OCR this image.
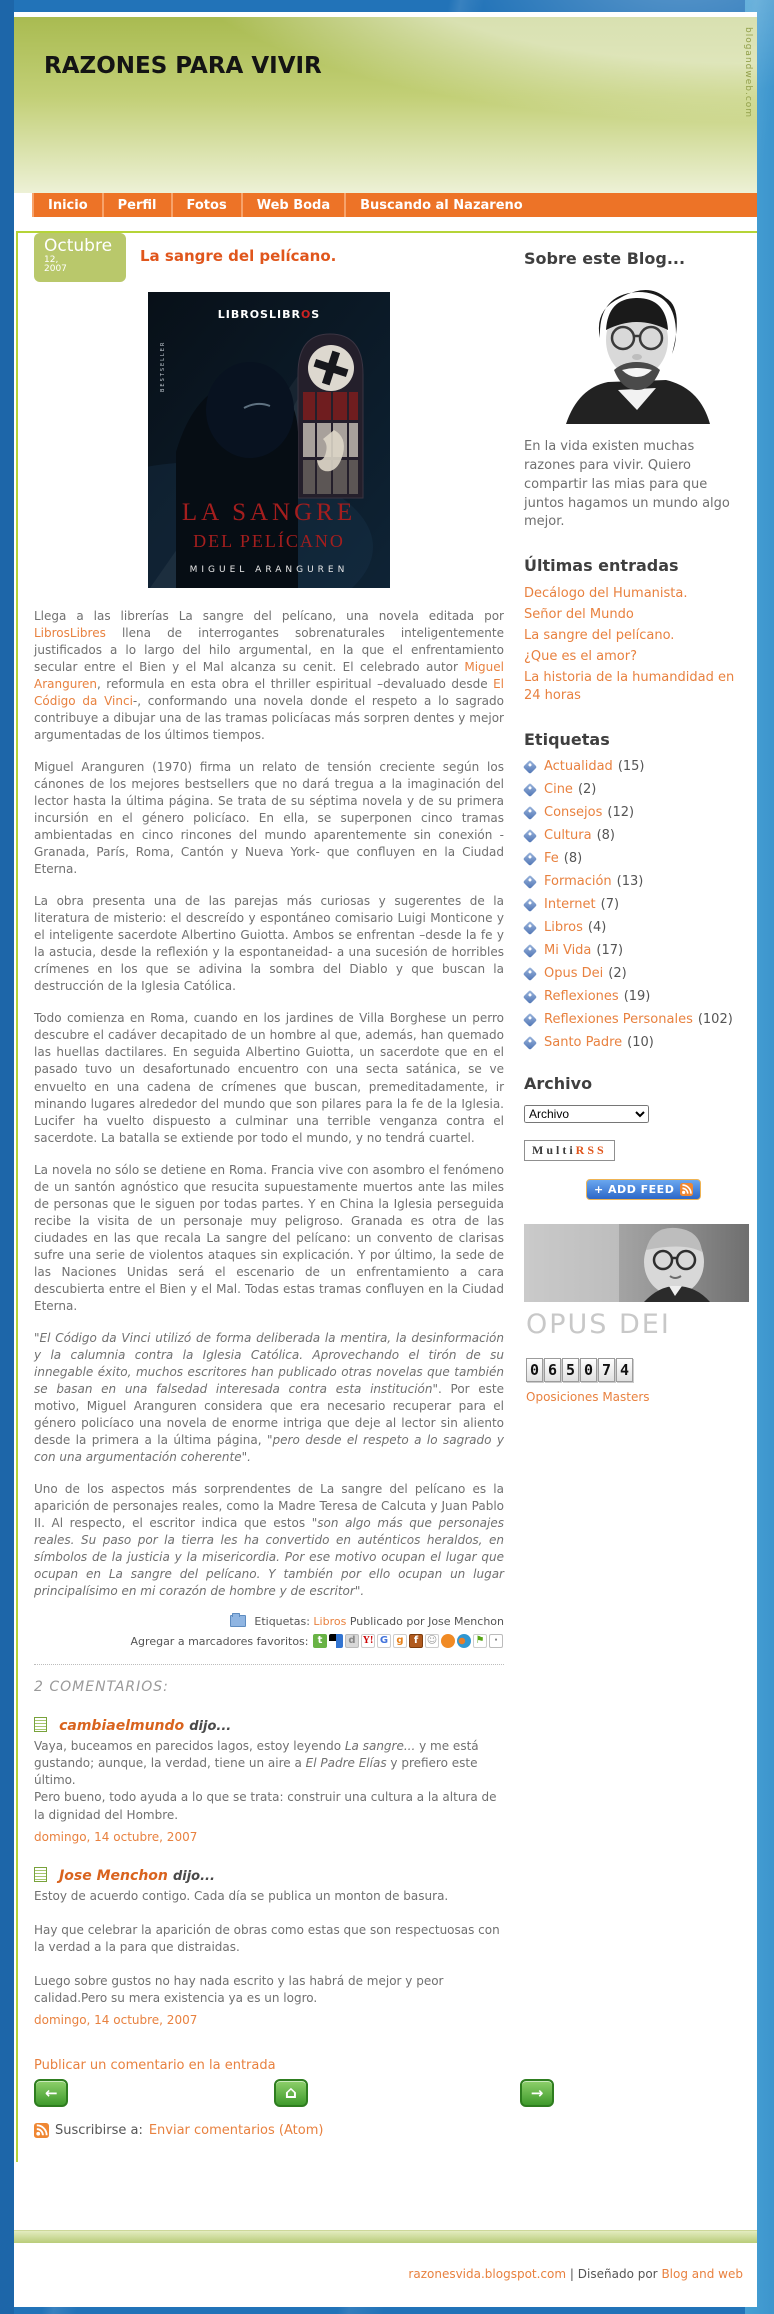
RAZONES PARA VIVIR	blogandweb.com
Inicio	Perfil	Fotos	Web Boda	Buscando al Nazareno
Octubre
12,
2007
La sangre del pelícano.
LIBROSLIBROS
BESTSELLER
LA SANGRE
DEL PELÍCANO
MIGUEL ARANGUREN

Llega a las librerías La sangre del pelícano, una novela editada por LibrosLibres llena de interrogantes sobrenaturales inteligentemente justificados a lo largo del hilo argumental, en la que el enfrentamiento secular entre el Bien y el Mal alcanza su cenit. El celebrado autor Miguel Aranguren, reformula en esta obra el thriller espiritual –devaluado desde El Código da Vinci-, conformando una novela donde el respeto a lo sagrado contribuye a dibujar una de las tramas policíacas más sorpren dentes y mejor argumentadas de los últimos tiempos.

Miguel Aranguren (1970) firma un relato de tensión creciente según los cánones de los mejores bestsellers que no dará tregua a la imaginación del lector hasta la última página. Se trata de su séptima novela y de su primera incursión en el género policíaco. En ella, se superponen cinco tramas ambientadas en cinco rincones del mundo aparentemente sin conexión -Granada, París, Roma, Cantón y Nueva York- que confluyen en la Ciudad Eterna.

La obra presenta una de las parejas más curiosas y sugerentes de la literatura de misterio: el descreído y espontáneo comisario Luigi Monticone y el inteligente sacerdote Albertino Guiotta. Ambos se enfrentan –desde la fe y la astucia, desde la reflexión y la espontaneidad- a una sucesión de horribles crímenes en los que se adivina la sombra del Diablo y que buscan la destrucción de la Iglesia Católica.

Todo comienza en Roma, cuando en los jardines de Villa Borghese un perro descubre el cadáver decapitado de un hombre al que, además, han quemado las huellas dactilares. En seguida Albertino Guiotta, un sacerdote que en el pasado tuvo un desafortunado encuentro con una secta satánica, se ve envuelto en una cadena de crímenes que buscan, premeditadamente, ir minando lugares alrededor del mundo que son pilares para la fe de la Iglesia. Lucifer ha vuelto dispuesto a culminar una terrible venganza contra el sacerdote. La batalla se extiende por todo el mundo, y no tendrá cuartel.

La novela no sólo se detiene en Roma. Francia vive con asombro el fenómeno de un santón agnóstico que resucita supuestamente muertos ante las miles de personas que le siguen por todas partes. Y en China la Iglesia perseguida recibe la visita de un personaje muy peligroso. Granada es otra de las ciudades en las que recala La sangre del pelícano: un convento de clarisas sufre una serie de violentos ataques sin explicación. Y por último, la sede de las Naciones Unidas será el escenario de un enfrentamiento a cara descubierta entre el Bien y el Mal. Todas estas tramas confluyen en la Ciudad Eterna.

"El Código da Vinci utilizó de forma deliberada la mentira, la desinformación y la calumnia contra la Iglesia Católica. Aprovechando el tirón de su innegable éxito, muchos escritores han publicado otras novelas que también se basan en una falsedad interesada contra esta institución". Por este motivo, Miguel Aranguren considera que era necesario recuperar para el género policíaco una novela de enorme intriga que deje al lector sin aliento desde la primera a la última página, "pero desde el respeto a lo sagrado y con una argumentación coherente".

Uno de los aspectos más sorprendentes de La sangre del pelícano es la aparición de personajes reales, como la Madre Teresa de Calcuta y Juan Pablo II. Al respecto, el escritor indica que estos "son algo más que personajes reales. Su paso por la tierra les ha convertido en auténticos heraldos, en símbolos de la justicia y la misericordia. Por ese motivo ocupan el lugar que ocupan en La sangre del pelícano. Y también por ello ocupan un lugar principalísimo en mi corazón de hombre y de escritor".

Etiquetas: Libros Publicado por Jose Menchon
Agregar a marcadores favoritos: t	d Y! G g f ☺	⚑ ·
2 COMENTARIOS:
cambiaelmundo dijo...
Vaya, buceamos en parecidos lagos, estoy leyendo La sangre... y me está gustando; aunque, la verdad, tiene un aire a El Padre Elías y prefiero este último.
Pero bueno, todo ayuda a lo que se trata: construir una cultura a la altura de la dignidad del Hombre.
domingo, 14 octubre, 2007
Jose Menchon dijo...
Estoy de acuerdo contigo. Cada día se publica un monton de basura.

Hay que celebrar la aparición de obras como estas que son respectuosas con la verdad a la para que distraidas.

Luego sobre gustos no hay nada escrito y las habrá de mejor y peor calidad.Pero su mera existencia ya es un logro.
domingo, 14 octubre, 2007
Publicar un comentario en la entrada
→	⌂	→
Suscribirse a: Enviar comentarios (Atom)
Sobre este Blog...

En la vida existen muchas razones para vivir. Quiero compartir las mias para que juntos hagamos un mundo algo mejor.

Últimas entradas
Decálogo del Humanista.
Señor del Mundo
La sangre del pelícano.
¿Que es el amor?
La historia de la humandidad en 24 horas
Etiquetas
Actualidad (15)
Cine (2)
Consejos (12)
Cultura (8)
Fe (8)
Formación (13)
Internet (7)
Libros (4)
Mi Vida (17)
Opus Dei (2)
Reflexiones (19)
Reflexiones Personales (102)
Santo Padre (10)
Archivo
Archivo
MultiRSS

+ ADD FEED
OPUS DEI
0 6 5 0 7 4
Oposiciones Masters
razonesvida.blogspot.com | Diseñado por Blog and web
